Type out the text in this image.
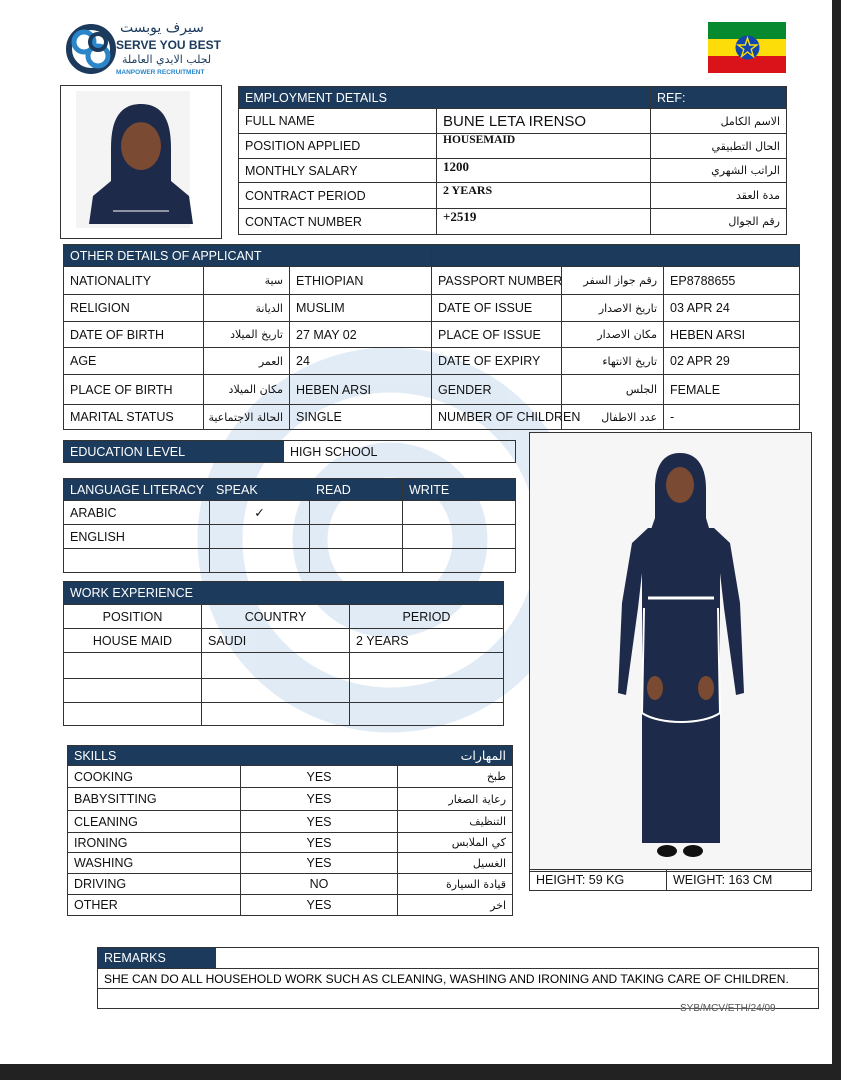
سيرف يوبست
SERVE YOU BEST
لجلب الايدي العاملة
MANPOWER RECRUITMENT
EMPLOYMENT DETAILS		REF:
FULL NAME	BUNE LETA IRENSO	الاسم الكامل
POSITION APPLIED	HOUSEMAID	الحال التطبيقي
MONTHLY SALARY	1200	الراتب الشهري
CONTRACT PERIOD	2 YEARS	مدة العقد
CONTACT NUMBER	+2519	رقم الجوال
OTHER DETAILS OF APPLICANT					
NATIONALITY	سية	ETHIOPIAN	PASSPORT NUMBER	رقم جواز السفر	EP8788655
RELIGION	الديانة	MUSLIM	DATE OF ISSUE	تاريخ الاصدار	03 APR 24
DATE OF BIRTH	تاريخ الميلاد	27 MAY 02	PLACE OF ISSUE	مكان الاصدار	HEBEN ARSI
AGE	العمر	24	DATE OF EXPIRY	تاريخ الانتهاء	02 APR 29
PLACE OF BIRTH	مكان الميلاد	HEBEN ARSI	GENDER	الجلس	FEMALE
MARITAL STATUS	الحالة الاجتماعية	SINGLE	NUMBER OF CHILDREN	عدد الاطفال	-
EDUCATION LEVEL	HIGH SCHOOL
LANGUAGE LITERACY	SPEAK	READ	WRITE
ARABIC	✓		
ENGLISH			

WORK EXPERIENCE		
POSITION	COUNTRY	PERIOD
HOUSE MAID	SAUDI	2 YEARS

SKILLS		المهارات
COOKING	YES	طبخ
BABYSITTING	YES	رعاية الصغار
CLEANING	YES	التنظيف
IRONING	YES	كي الملابس
WASHING	YES	الغسيل
DRIVING	NO	قيادة السيارة
OTHER	YES	اخر
HEIGHT: 59 KG	WEIGHT: 163 CM
REMARKS
SHE CAN DO ALL HOUSEHOLD WORK SUCH AS CLEANING, WASHING AND IRONING AND TAKING CARE OF CHILDREN.
SYB/MCV/ETH/24/09
